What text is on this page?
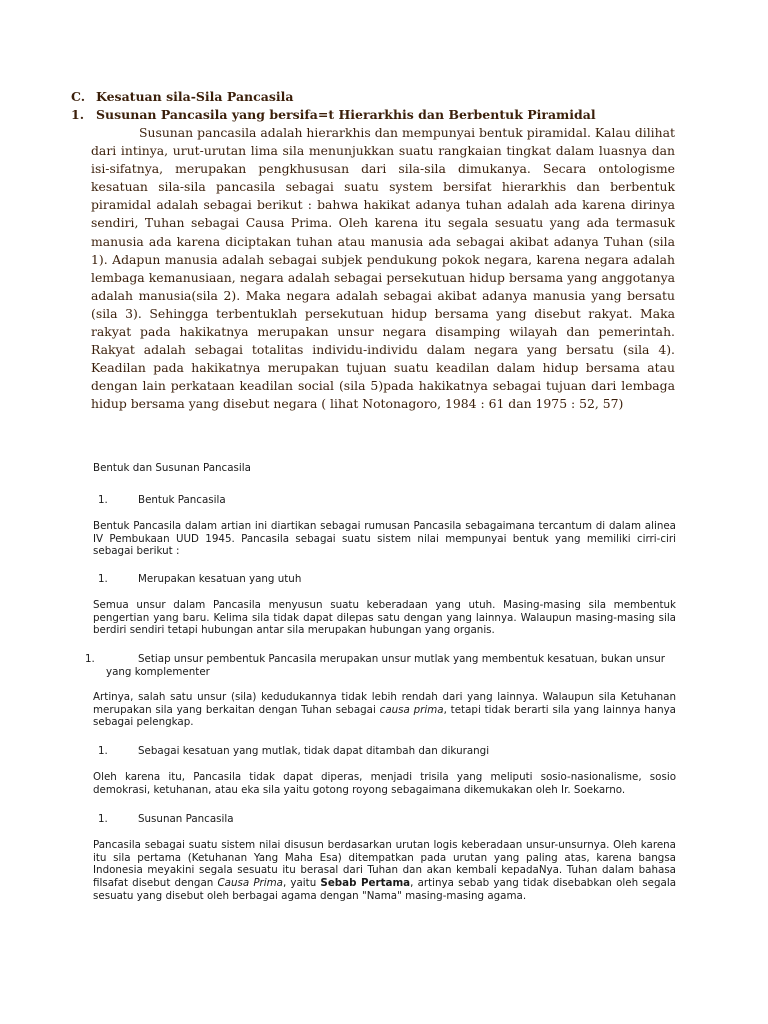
C. Kesatuan sila-Sila Pancasila
1. Susunan Pancasila yang bersifa=t Hierarkhis dan Berbentuk Piramidal

Susunan pancasila adalah hierarkhis dan mempunyai bentuk piramidal. Kalau dilihat dari intinya, urut-urutan lima sila menunjukkan suatu rangkaian tingkat dalam luasnya dan isi-sifatnya, merupakan pengkhususan dari sila-sila dimukanya. Secara ontologisme kesatuan sila-sila pancasila sebagai suatu system bersifat hierarkhis dan berbentuk piramidal adalah sebagai berikut : bahwa hakikat adanya tuhan adalah ada karena dirinya sendiri, Tuhan sebagai Causa Prima. Oleh karena itu segala sesuatu yang ada termasuk manusia ada karena diciptakan tuhan atau manusia ada sebagai akibat adanya Tuhan (sila 1). Adapun manusia adalah sebagai subjek pendukung pokok negara, karena negara adalah lembaga kemanusiaan, negara adalah sebagai persekutuan hidup bersama yang anggotanya adalah manusia(sila 2). Maka negara adalah sebagai akibat adanya manusia yang bersatu (sila 3). Sehingga terbentuklah persekutuan hidup bersama yang disebut rakyat. Maka rakyat pada hakikatnya merupakan unsur negara disamping wilayah dan pemerintah. Rakyat adalah sebagai totalitas individu-individu dalam negara yang bersatu (sila 4). Keadilan pada hakikatnya merupakan tujuan suatu keadilan dalam hidup bersama atau dengan lain perkataan keadilan social (sila 5)pada hakikatnya sebagai tujuan dari lembaga hidup bersama yang disebut negara ( lihat Notonagoro, 1984 : 61 dan 1975 : 52, 57)

Bentuk dan Susunan Pancasila
1.	Bentuk Pancasila

Bentuk Pancasila dalam artian ini diartikan sebagai rumusan Pancasila sebagaimana tercantum di dalam alinea IV Pembukaan UUD 1945. Pancasila sebagai suatu sistem nilai mempunyai bentuk yang memiliki cirri-ciri sebagai berikut :

1.	Merupakan kesatuan yang utuh

Semua unsur dalam Pancasila menyusun suatu keberadaan yang utuh. Masing-masing sila membentuk pengertian yang baru. Kelima sila tidak dapat dilepas satu dengan yang lainnya. Walaupun masing-masing sila berdiri sendiri tetapi hubungan antar sila merupakan hubungan yang organis.

1.	Setiap unsur pembentuk Pancasila merupakan unsur mutlak yang membentuk kesatuan, bukan unsur yang komplementer

Artinya, salah satu unsur (sila) kedudukannya tidak lebih rendah dari yang lainnya. Walaupun sila Ketuhanan merupakan sila yang berkaitan dengan Tuhan sebagai causa prima, tetapi tidak berarti sila yang lainnya hanya sebagai pelengkap.

1.	Sebagai kesatuan yang mutlak, tidak dapat ditambah dan dikurangi

Oleh karena itu, Pancasila tidak dapat diperas, menjadi trisila yang meliputi sosio-nasionalisme, sosio demokrasi, ketuhanan, atau eka sila yaitu gotong royong sebagaimana dikemukakan oleh Ir. Soekarno.

1.	Susunan Pancasila

Pancasila sebagai suatu sistem nilai disusun berdasarkan urutan logis keberadaan unsur-unsurnya. Oleh karena itu sila pertama (Ketuhanan Yang Maha Esa) ditempatkan pada urutan yang paling atas, karena bangsa Indonesia meyakini segala sesuatu itu berasal dari Tuhan dan akan kembali kepadaNya. Tuhan dalam bahasa filsafat disebut dengan Causa Prima, yaitu Sebab Pertama, artinya sebab yang tidak disebabkan oleh segala sesuatu yang disebut oleh berbagai agama dengan "Nama" masing-masing agama.
